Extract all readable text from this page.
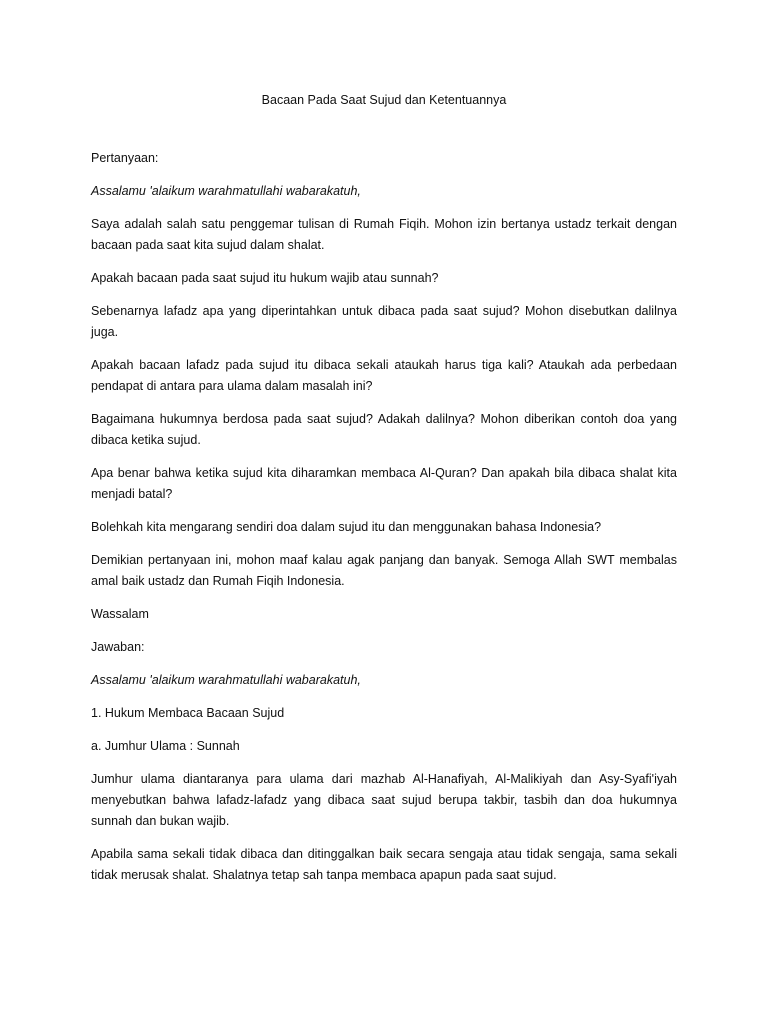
Bacaan Pada Saat Sujud dan Ketentuannya

Pertanyaan:

Assalamu 'alaikum warahmatullahi wabarakatuh,

Saya adalah salah satu penggemar tulisan di Rumah Fiqih. Mohon izin bertanya ustadz terkait dengan bacaan pada saat kita sujud dalam shalat.

Apakah bacaan pada saat sujud itu hukum wajib atau sunnah?

Sebenarnya lafadz apa yang diperintahkan untuk dibaca pada saat sujud? Mohon disebutkan dalilnya juga.

Apakah bacaan lafadz pada sujud itu dibaca sekali ataukah harus tiga kali? Ataukah ada perbedaan pendapat di antara para ulama dalam masalah ini?

Bagaimana hukumnya berdosa pada saat sujud? Adakah dalilnya? Mohon diberikan contoh doa yang dibaca ketika sujud.

Apa benar bahwa ketika sujud kita diharamkan membaca Al-Quran? Dan apakah bila dibaca shalat kita menjadi batal?

Bolehkah kita mengarang sendiri doa dalam sujud itu dan menggunakan bahasa Indonesia?

Demikian pertanyaan ini, mohon maaf kalau agak panjang dan banyak. Semoga Allah SWT membalas amal baik ustadz dan Rumah Fiqih Indonesia.

Wassalam

Jawaban:

Assalamu 'alaikum warahmatullahi wabarakatuh,

1. Hukum Membaca Bacaan Sujud

a. Jumhur Ulama : Sunnah

Jumhur ulama diantaranya para ulama dari mazhab Al-Hanafiyah, Al-Malikiyah dan Asy-Syafi'iyah menyebutkan bahwa lafadz-lafadz yang dibaca saat sujud berupa takbir, tasbih dan doa hukumnya sunnah dan bukan wajib.

Apabila sama sekali tidak dibaca dan ditinggalkan baik secara sengaja atau tidak sengaja, sama sekali tidak merusak shalat. Shalatnya tetap sah tanpa membaca apapun pada saat sujud.
